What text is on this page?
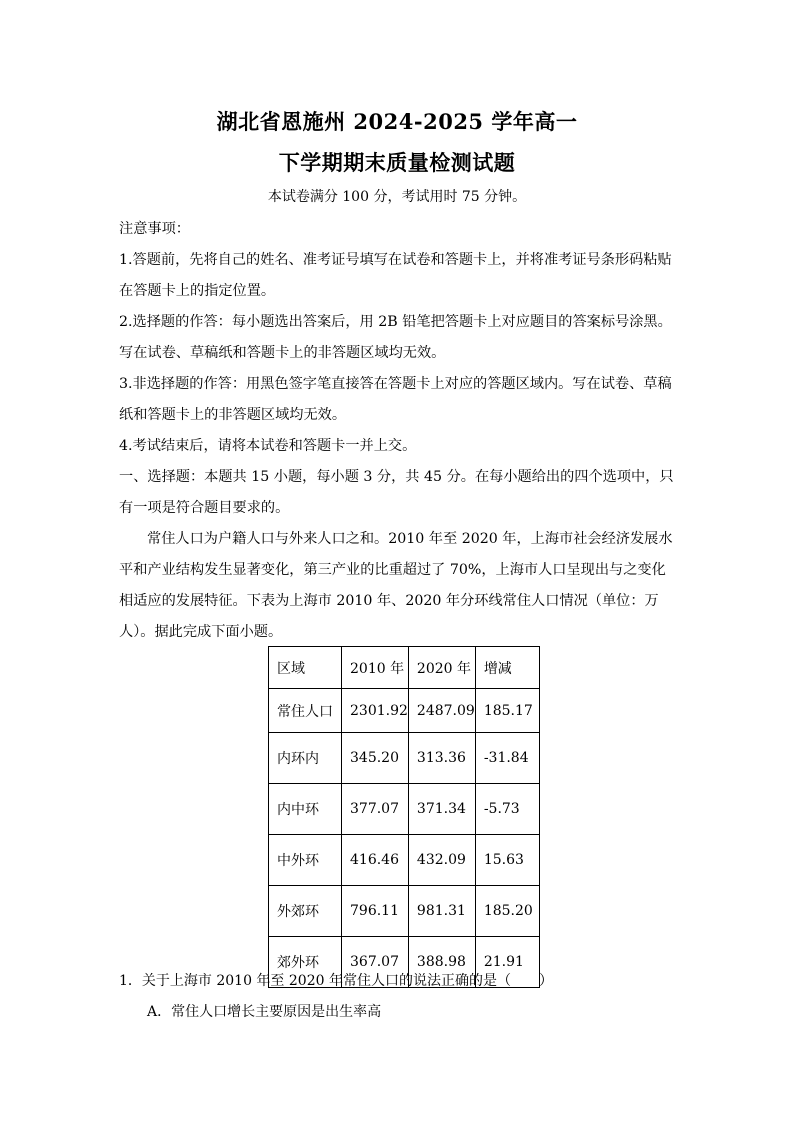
湖北省恩施州 2024-2025 学年高一
下学期期末质量检测试题
本试卷满分 100 分，考试用时 75 分钟。

注意事项：

1.答题前，先将自己的姓名、准考证号填写在试卷和答题卡上，并将准考证号条形码粘贴在答题卡上的指定位置。

2.选择题的作答：每小题选出答案后，用 2B 铅笔把答题卡上对应题目的答案标号涂黑。写在试卷、草稿纸和答题卡上的非答题区域均无效。

3.非选择题的作答：用黑色签字笔直接答在答题卡上对应的答题区域内。写在试卷、草稿纸和答题卡上的非答题区域均无效。

4.考试结束后，请将本试卷和答题卡一并上交。

一、选择题：本题共 15 小题，每小题 3 分，共 45 分。在每小题给出的四个选项中，只有一项是符合题目要求的。

常住人口为户籍人口与外来人口之和。2010 年至 2020 年，上海市社会经济发展水平和产业结构发生显著变化，第三产业的比重超过了 70%，上海市人口呈现出与之变化相适应的发展特征。下表为上海市 2010 年、2020 年分环线常住人口情况（单位：万人）。据此完成下面小题。

区域	2010 年	2020 年	增减
常住人口	2301.92	2487.09	185.17
内环内	345.20	313.36	-31.84
内中环	377.07	371.34	-5.73
中外环	416.46	432.09	15.63
外郊环	796.11	981.31	185.20
郊外环	367.07	388.98	21.91
1．关于上海市 2010 年至 2020 年常住人口的说法正确的是（　　）
A．常住人口增长主要原因是出生率高
